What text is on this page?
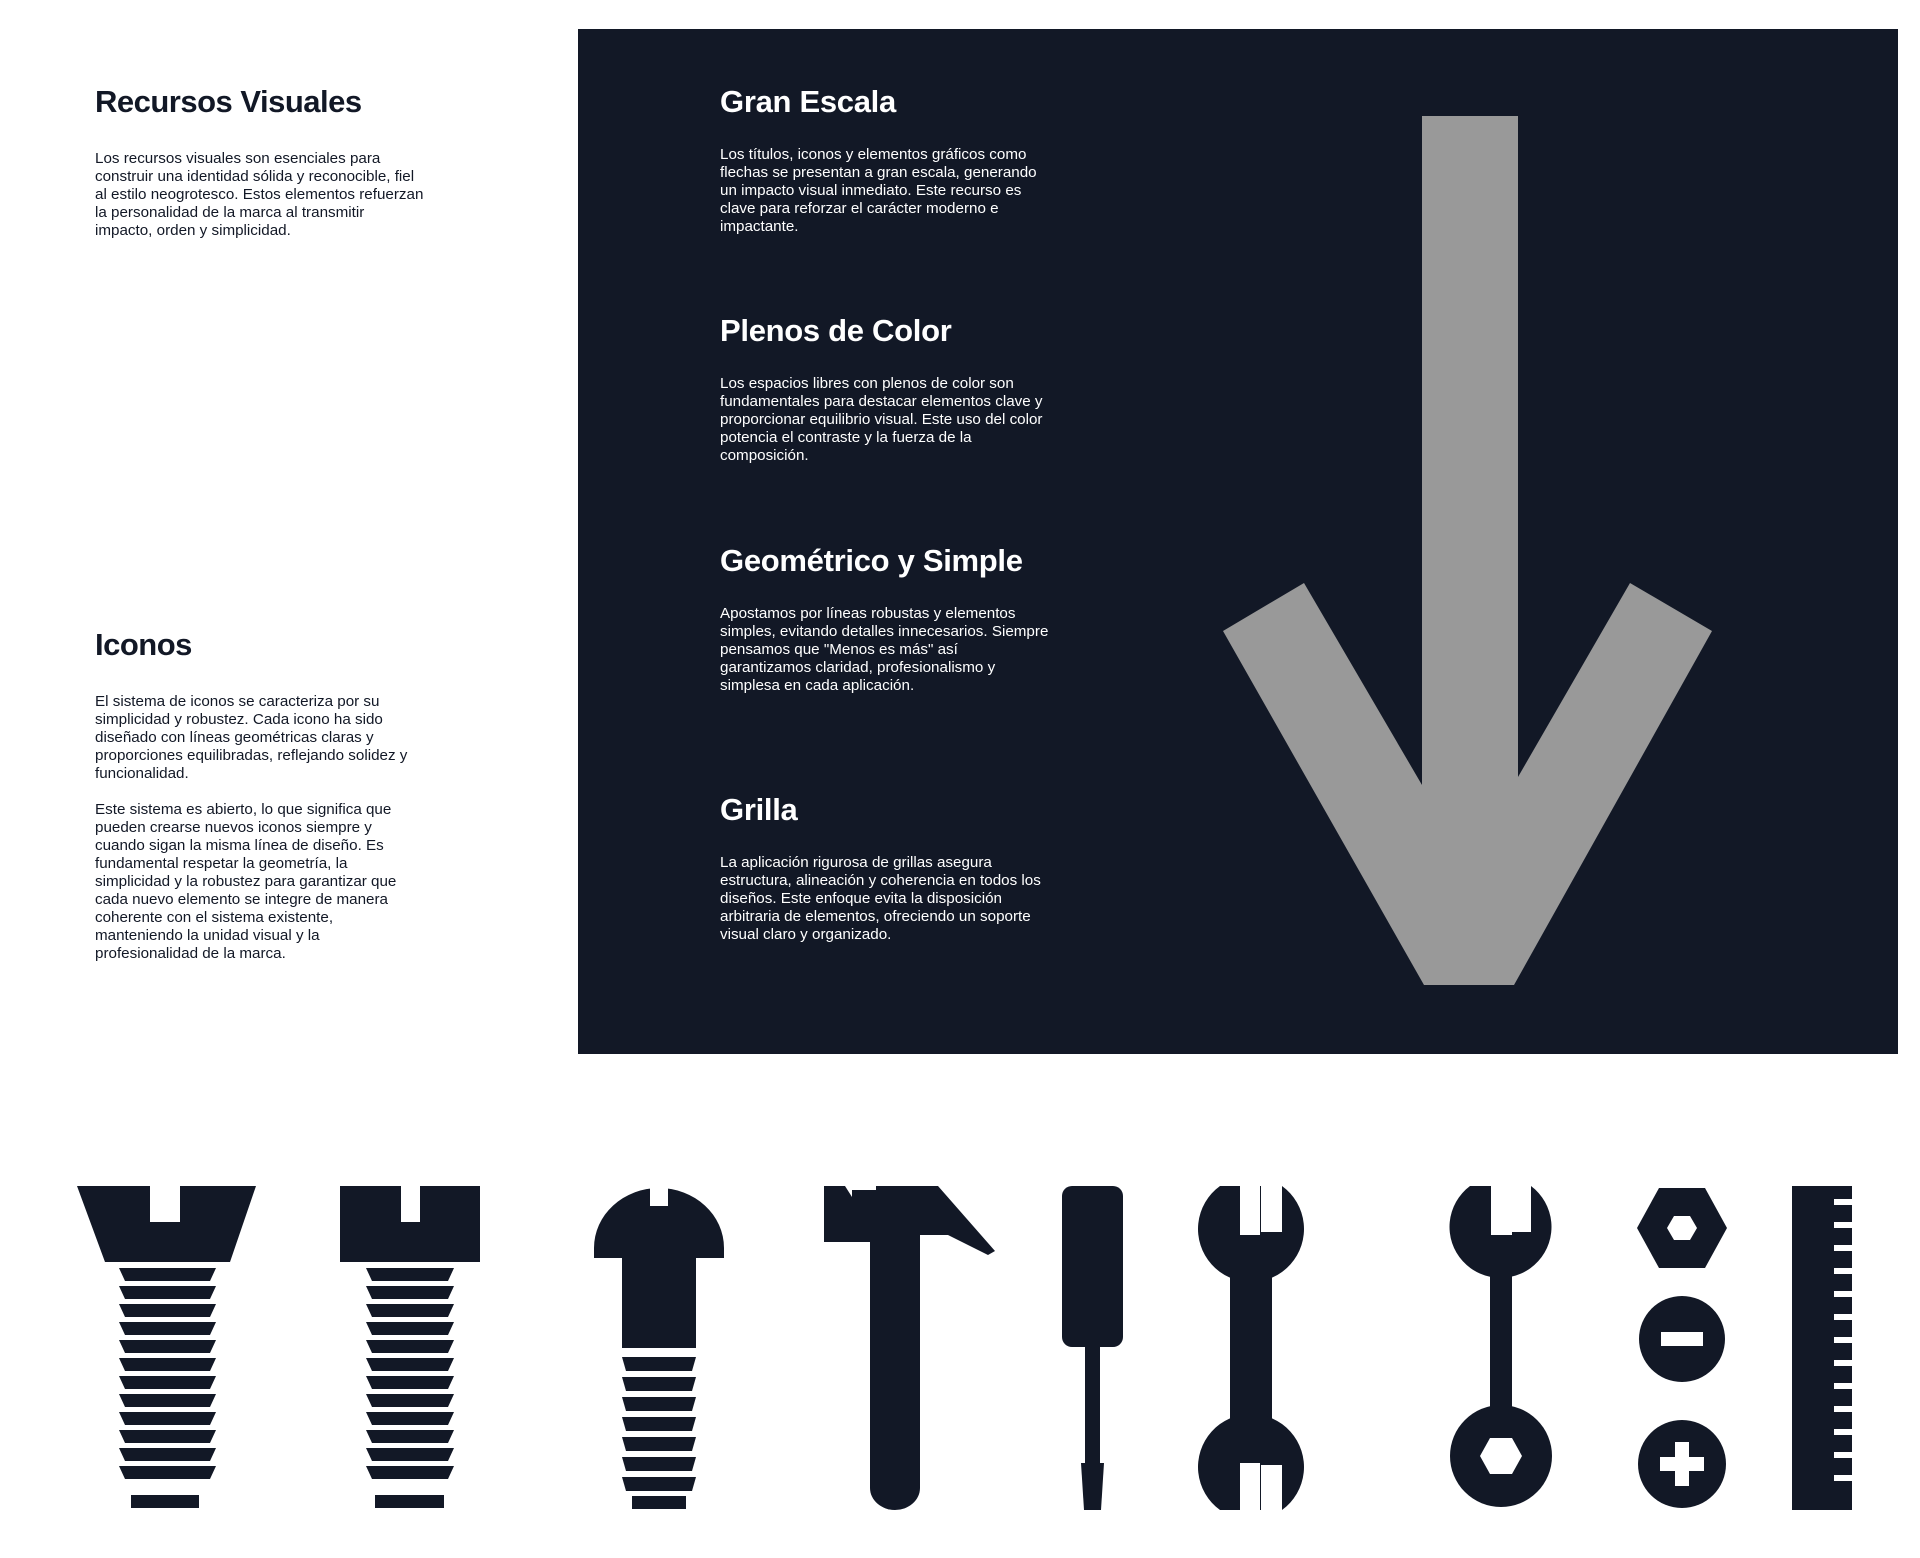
Recursos Visuales

Los recursos visuales son esenciales para construir una identidad sólida y reconocible, fiel al estilo neogrotesco. Estos elementos refuerzan la personalidad de la marca al transmitir impacto, orden y simplicidad.

Iconos

El sistema de iconos se caracteriza por su simplicidad y robustez. Cada icono ha sido diseñado con líneas geométricas claras y proporciones equilibradas, reflejando solidez y funcionalidad.

Este sistema es abierto, lo que significa que pueden crearse nuevos iconos siempre y cuando sigan la misma línea de diseño. Es fundamental respetar la geometría, la simplicidad y la robustez para garantizar que cada nuevo elemento se integre de manera coherente con el sistema existente, manteniendo la unidad visual y la profesionalidad de la marca.

Gran Escala

Los títulos, iconos y elementos gráficos como flechas se presentan a gran escala, generando un impacto visual inmediato. Este recurso es clave para reforzar el carácter moderno e impactante.

Plenos de Color

Los espacios libres con plenos de color son fundamentales para destacar elementos clave y proporcionar equilibrio visual. Este uso del color potencia el contraste y la fuerza de la composición.

Geométrico y Simple

Apostamos por líneas robustas y elementos simples, evitando detalles innecesarios. Siempre pensamos que "Menos es más" así garantizamos claridad, profesionalismo y simplesa en cada aplicación.

Grilla

La aplicación rigurosa de grillas asegura estructura, alineación y coherencia en todos los diseños. Este enfoque evita la disposición arbitraria de elementos, ofreciendo un soporte visual claro y organizado.
